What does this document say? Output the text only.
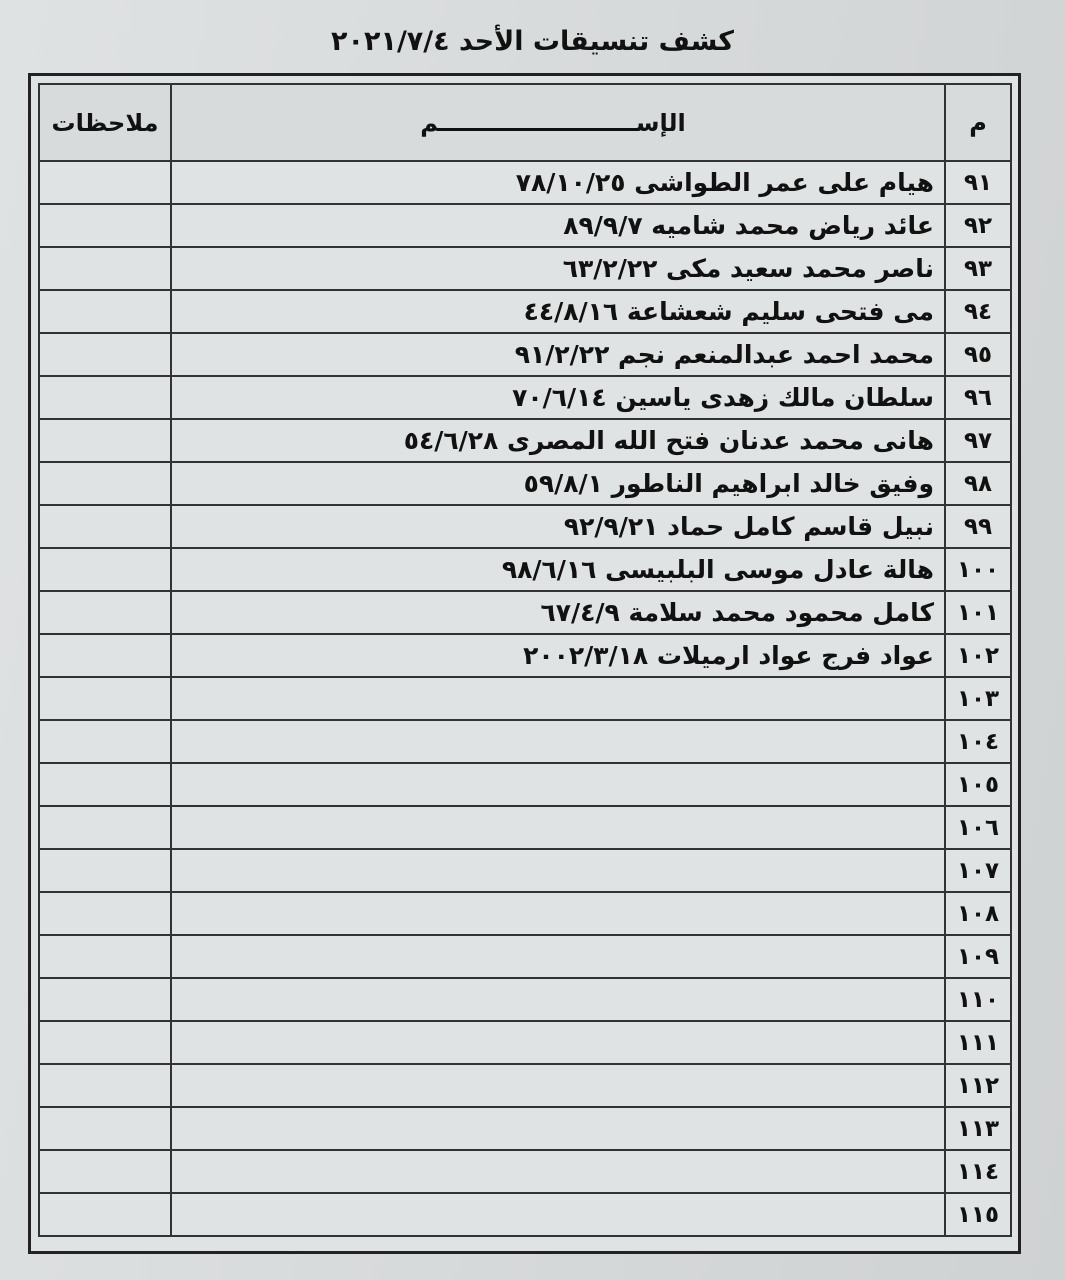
كشف تنسيقات الأحد ٢٠٢١/٧/٤
م	الإســــــــــــــــــــــــم	ملاحظات
٩١	هيام على عمر الطواشى ٧٨/١٠/٢٥	
٩٢	عائد رياض محمد شاميه ٨٩/٩/٧	
٩٣	ناصر محمد سعيد مكى ٦٣/٢/٢٢	
٩٤	مى فتحى سليم شعشاعة ٤٤/٨/١٦	
٩٥	محمد احمد عبدالمنعم نجم ٩١/٢/٢٢	
٩٦	سلطان مالك زهدى ياسين ٧٠/٦/١٤	
٩٧	هانى محمد عدنان فتح الله المصرى ٥٤/٦/٢٨	
٩٨	وفيق خالد ابراهيم الناطور ٥٩/٨/١	
٩٩	نبيل قاسم كامل حماد ٩٢/٩/٢١	
١٠٠	هالة عادل موسى البلبيسى ٩٨/٦/١٦	
١٠١	كامل محمود محمد سلامة ٦٧/٤/٩	
١٠٢	عواد فرج عواد ارميلات ٢٠٠٢/٣/١٨	
١٠٣		
١٠٤		
١٠٥		
١٠٦		
١٠٧		
١٠٨		
١٠٩		
١١٠		
١١١		
١١٢		
١١٣		
١١٤		
١١٥		
